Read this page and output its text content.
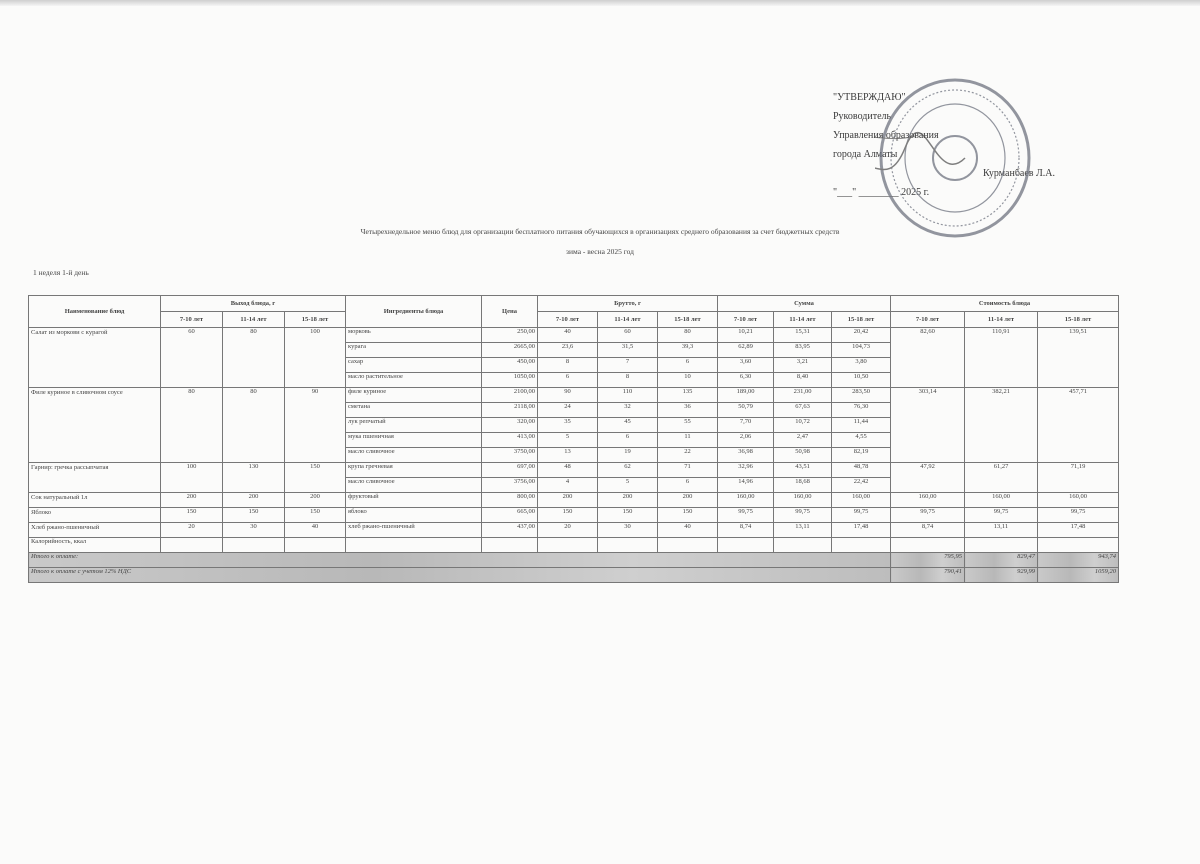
"УТВЕРЖДАЮ"
Руководитель
Управления образования
города Алматы
"___" ________ 2025 г.
Курманбаев Л.А.
Четырехнедельное меню блюд для организации бесплатного питания обучающихся в организациях среднего образования за счет бюджетных средств
зима - весна 2025 год
1 неделя 1-й день
Наименование блюд	Выход блюда, г			Ингредиенты блюда	Цена	Брутто, г			Сумма			Стоимость блюда		
	7-10 лет	11-14 лет	15-18 лет			7-10 лет	11-14 лет	15-18 лет	7-10 лет	11-14 лет	15-18 лет	7-10 лет	11-14 лет	15-18 лет
Салат из моркови с курагой	60	80	100	морковь	250,00	40	60	80	10,21	15,31	20,42	82,60	110,91	139,51
				курага	2665,00	23,6	31,5	39,3	62,89	83,95	104,73			
				сахар	450,00	8	7	6	3,60	3,21	3,80			
				масло растительное	1050,00	6	8	10	6,30	8,40	10,50			
Филе куриное в сливочном соусе	80	80	90	филе куриное	2100,00	90	110	135	189,00	231,00	283,50	303,14	382,21	457,71
				сметана	2118,00	24	32	36	50,79	67,63	76,30			
				лук репчатый	320,00	35	45	55	7,70	10,72	11,44			
				мука пшеничная	413,00	5	6	11	2,06	2,47	4,55			
				масло сливочное	3750,00	13	19	22	36,98	50,98	82,19			
Гарнир: гречка рассыпчатая	100	130	150	крупа гречневая	697,00	48	62	71	32,96	43,51	48,78	47,92	61,27	71,19
				масло сливочное	3756,00	4	5	6	14,96	18,68	22,42			
Сок натуральный 1л	200	200	200	фруктовый	800,00	200	200	200	160,00	160,00	160,00	160,00	160,00	160,00
Яблоко	150	150	150	яблоко	665,00	150	150	150	99,75	99,75	99,75	99,75	99,75	99,75
Хлеб ржано-пшеничный	20	30	40	хлеб ржано-пшеничный	437,00	20	30	40	8,74	13,11	17,48	8,74	13,11	17,48
Калорийность, ккал														
Итого к оплате:												795,95	829,47	943,74
Итого к оплате с учетом 12% НДС												790,41	929,99	1059,20
